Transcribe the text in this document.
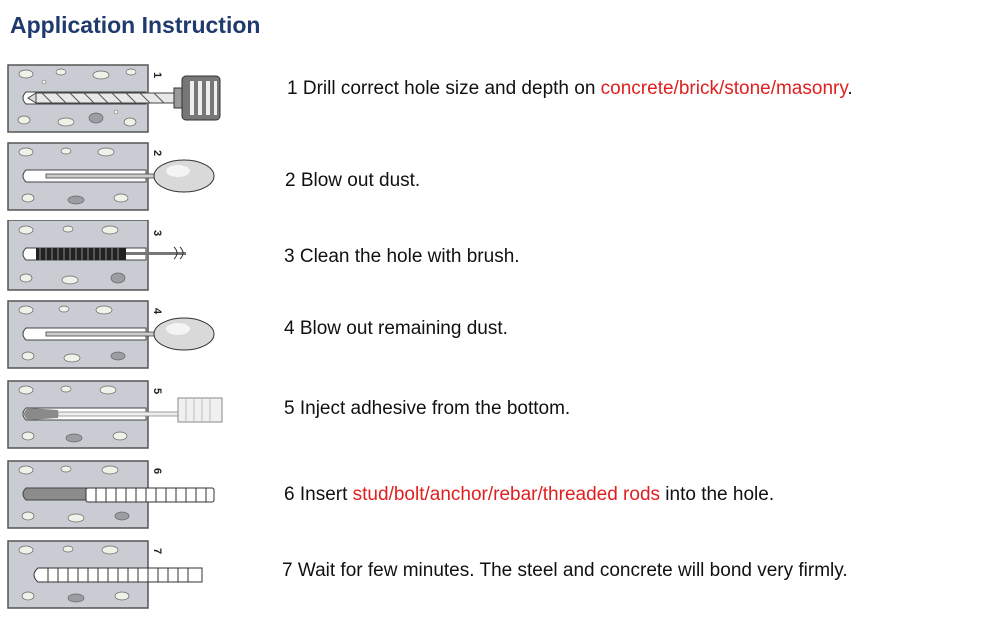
Application Instruction
1
1 Drill correct hole size and depth on concrete/brick/stone/masonry.
2
2 Blow out dust.
3
3 Clean the hole with brush.
4
4 Blow out remaining dust.
5
5 Inject adhesive from the bottom.
6
6 Insert stud/bolt/anchor/rebar/threaded rods into the hole.
7
7 Wait for few minutes. The steel and concrete will bond very firmly.
